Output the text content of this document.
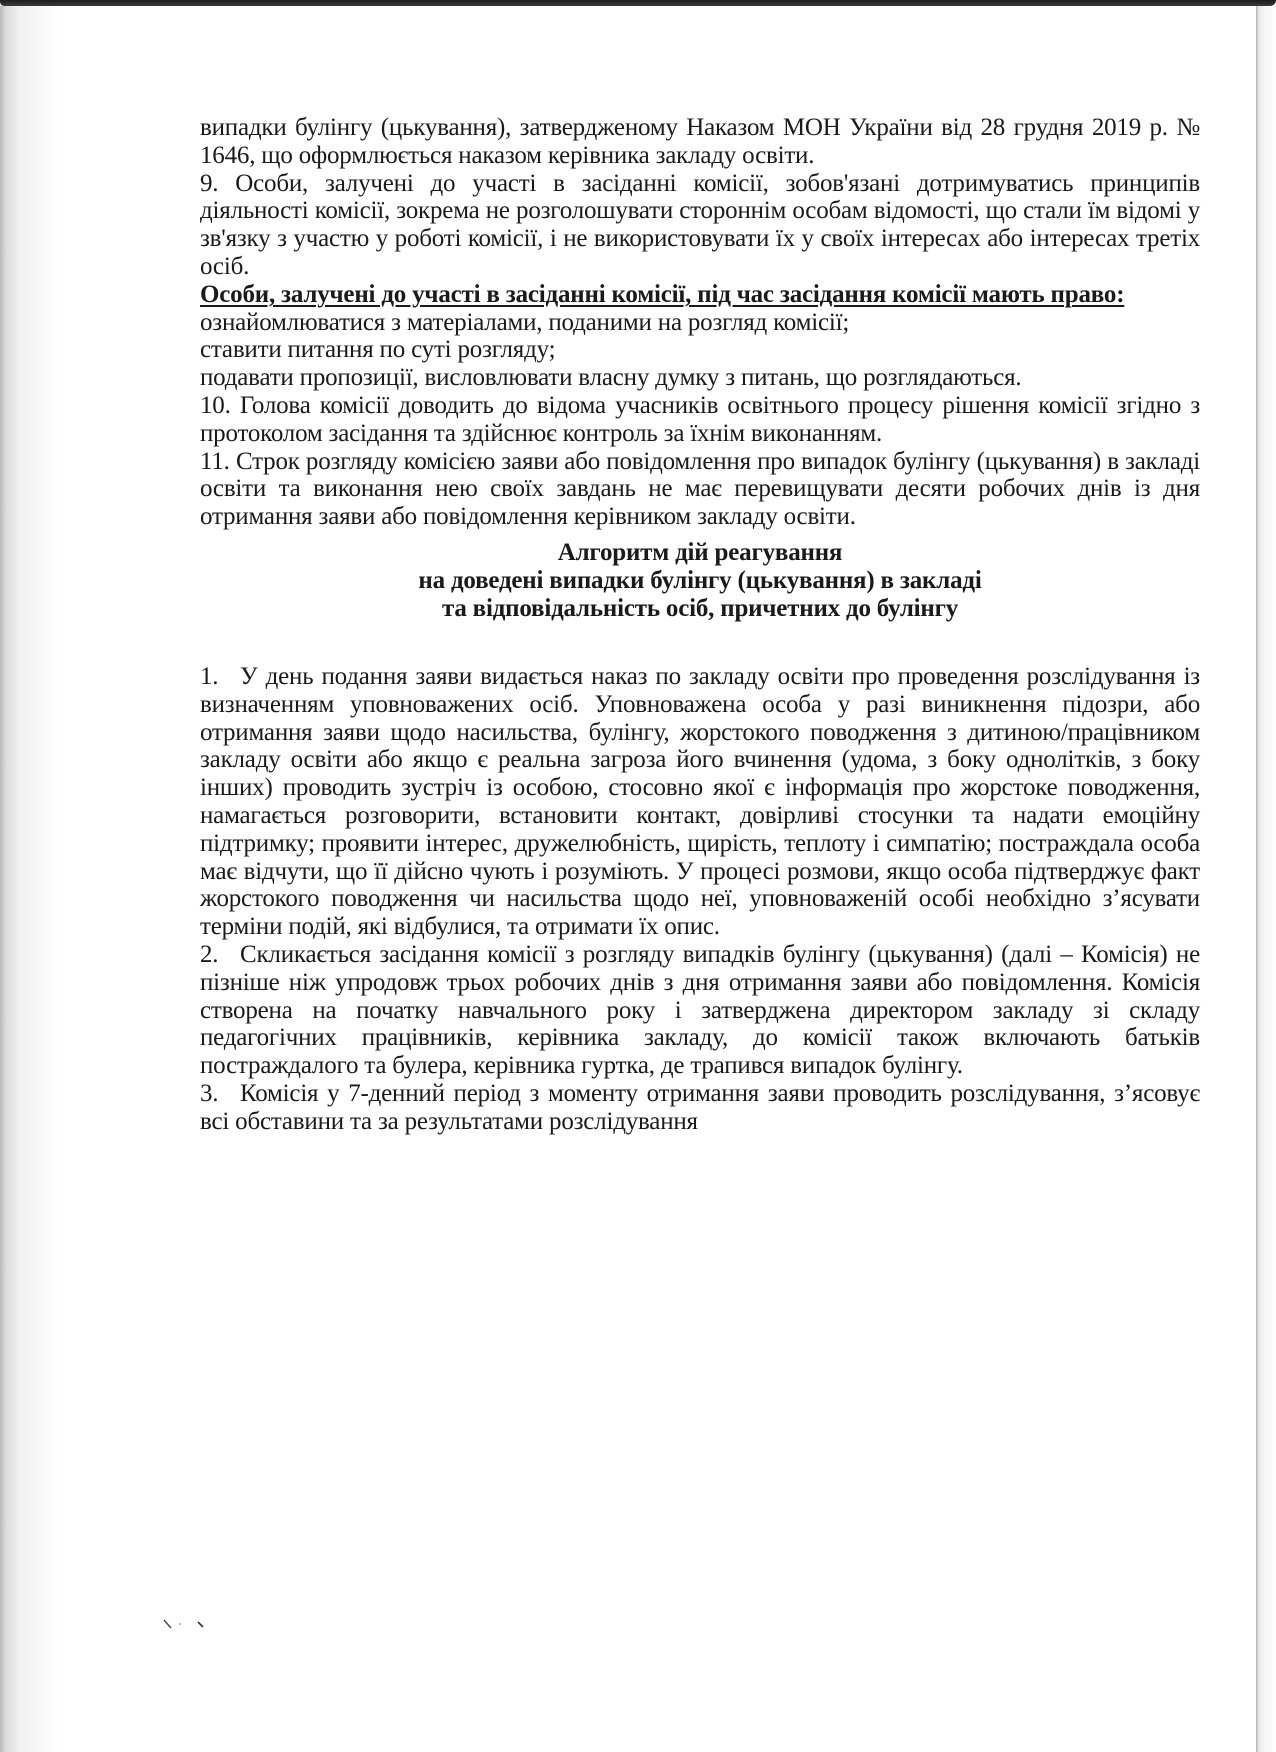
випадки булінгу (цькування), затвердженому Наказом МОН України від 28 грудня 2019 р. № 1646, що оформлюється наказом керівника закладу освіти.

9. Особи, залучені до участі в засіданні комісії, зобов'язані дотримуватись принципів діяльності комісії, зокрема не розголошувати стороннім особам відомості, що стали їм відомі у зв'язку з участю у роботі комісії, і не використовувати їх у своїх інтересах або інтересах третіх осіб.

Особи, залучені до участі в засіданні комісії, під час засідання комісії мають право:

ознайомлюватися з матеріалами, поданими на розгляд комісії;

ставити питання по суті розгляду;

подавати пропозиції, висловлювати власну думку з питань, що розглядаються.

10. Голова комісії доводить до відома учасників освітнього процесу рішення комісії згідно з протоколом засідання та здійснює контроль за їхнім виконанням.

11. Строк розгляду комісією заяви або повідомлення про випадок булінгу (цькування) в закладі освіти та виконання нею своїх завдань не має перевищувати десяти робочих днів із дня отримання заяви або повідомлення керівником закладу освіти.

Алгоритм дій реагування

на доведені випадки булінгу (цькування) в закладі

та відповідальність осіб, причетних до булінгу

1. У день подання заяви видається наказ по закладу освіти про проведення розслідування із визначенням уповноважених осіб. Уповноважена особа у разі виникнення підозри, або отримання заяви щодо насильства, булінгу, жорстокого поводження з дитиною/працівником закладу освіти або якщо є реальна загроза його вчинення (удома, з боку однолітків, з боку інших) проводить зустріч із особою, стосовно якої є інформація про жорстоке поводження, намагається розговорити, встановити контакт, довірливі стосунки та надати емоційну підтримку; проявити інтерес, дружелюбність, щирість, теплоту і симпатію; постраждала особа має відчути, що її дійсно чують і розуміють. У процесі розмови, якщо особа підтверджує факт жорстокого поводження чи насильства щодо неї, уповноваженій особі необхідно з’ясувати терміни подій, які відбулися, та отримати їх опис.

2. Скликається засідання комісії з розгляду випадків булінгу (цькування) (далі – Комісія) не пізніше ніж упродовж трьох робочих днів з дня отримання заяви або повідомлення. Комісія створена на початку навчального року і затверджена директором закладу зі складу педагогічних працівників, керівника закладу, до комісії також включають батьків постраждалого та булера, керівника гуртка, де трапився випадок булінгу.

3. Комісія у 7-денний період з моменту отримання заяви проводить розслідування, з’ясовує всі обставини та за результатами розслідування
